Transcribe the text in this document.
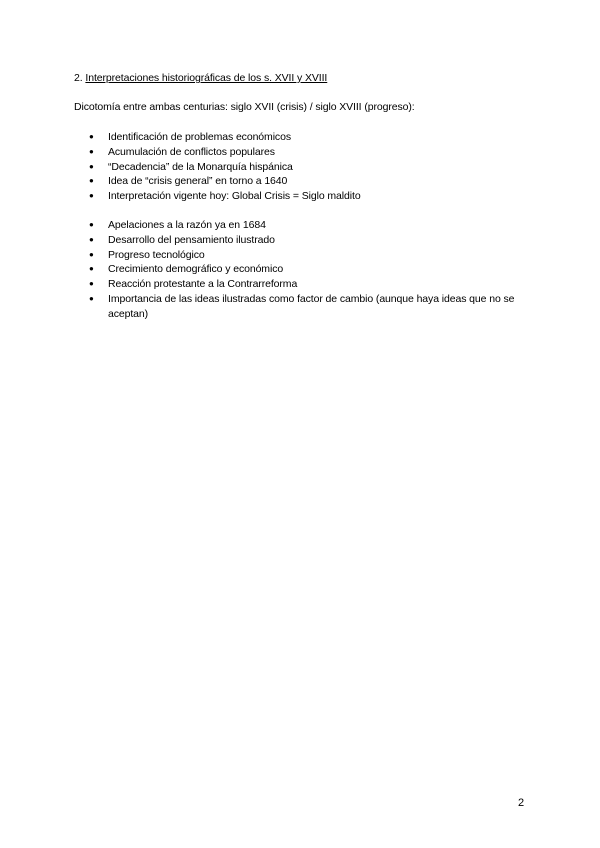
2. Interpretaciones historiográficas de los s. XVII y XVIII
Dicotomía entre ambas centurias: siglo XVII (crisis) / siglo XVIII (progreso):
● Identificación de problemas económicos
● Acumulación de conflictos populares
● “Decadencia” de la Monarquía hispánica
● Idea de “crisis general” en torno a 1640
● Interpretación vigente hoy: Global Crisis = Siglo maldito
● Apelaciones a la razón ya en 1684
● Desarrollo del pensamiento ilustrado
● Progreso tecnológico
● Crecimiento demográfico y económico
● Reacción protestante a la Contrarreforma
● Importancia de las ideas ilustradas como factor de cambio (aunque haya ideas que no se aceptan)
2
